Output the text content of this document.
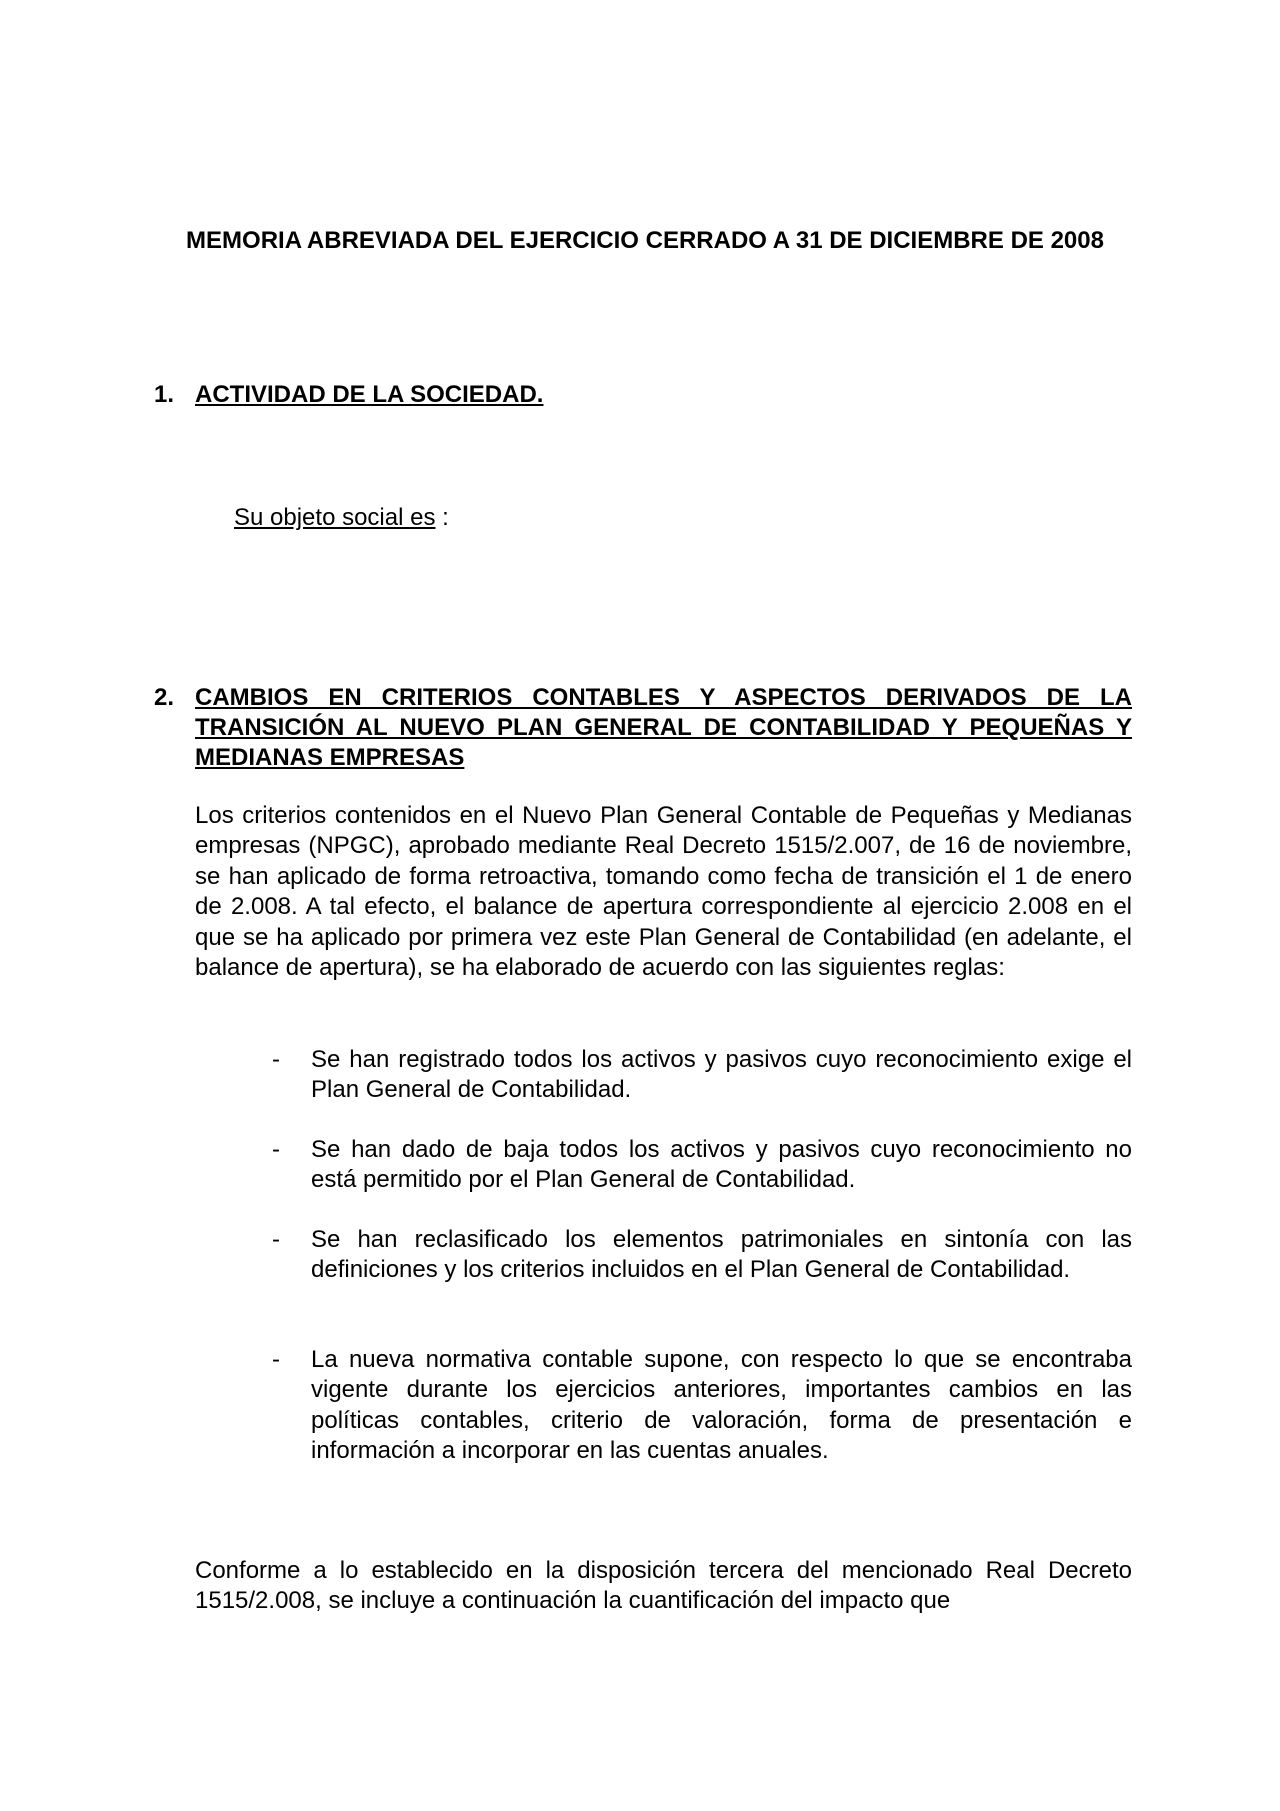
MEMORIA ABREVIADA DEL EJERCICIO CERRADO A 31 DE DICIEMBRE DE 2008
1. ACTIVIDAD DE LA SOCIEDAD.
Su objeto social es :
2. CAMBIOS EN CRITERIOS CONTABLES Y ASPECTOS DERIVADOS DE LA TRANSICIÓN AL NUEVO PLAN GENERAL DE CONTABILIDAD Y PEQUEÑAS Y MEDIANAS EMPRESAS

Los criterios contenidos en el Nuevo Plan General Contable de Pequeñas y Medianas empresas (NPGC), aprobado mediante Real Decreto 1515/2.007, de 16 de noviembre, se han aplicado de forma retroactiva, tomando como fecha de transición el 1 de enero de 2.008. A tal efecto, el balance de apertura correspondiente al ejercicio 2.008 en el que se ha aplicado por primera vez este Plan General de Contabilidad (en adelante, el balance de apertura), se ha elaborado de acuerdo con las siguientes reglas:

- Se han registrado todos los activos y pasivos cuyo reconocimiento exige el Plan General de Contabilidad.
- Se han dado de baja todos los activos y pasivos cuyo reconocimiento no está permitido por el Plan General de Contabilidad.
- Se han reclasificado los elementos patrimoniales en sintonía con las definiciones y los criterios incluidos en el Plan General de Contabilidad.
- La nueva normativa contable supone, con respecto lo que se encontraba vigente durante los ejercicios anteriores, importantes cambios en las políticas contables, criterio de valoración, forma de presentación e información a incorporar en las cuentas anuales.

Conforme a lo establecido en la disposición tercera del mencionado Real Decreto 1515/2.008, se incluye a continuación la cuantificación del impacto que
